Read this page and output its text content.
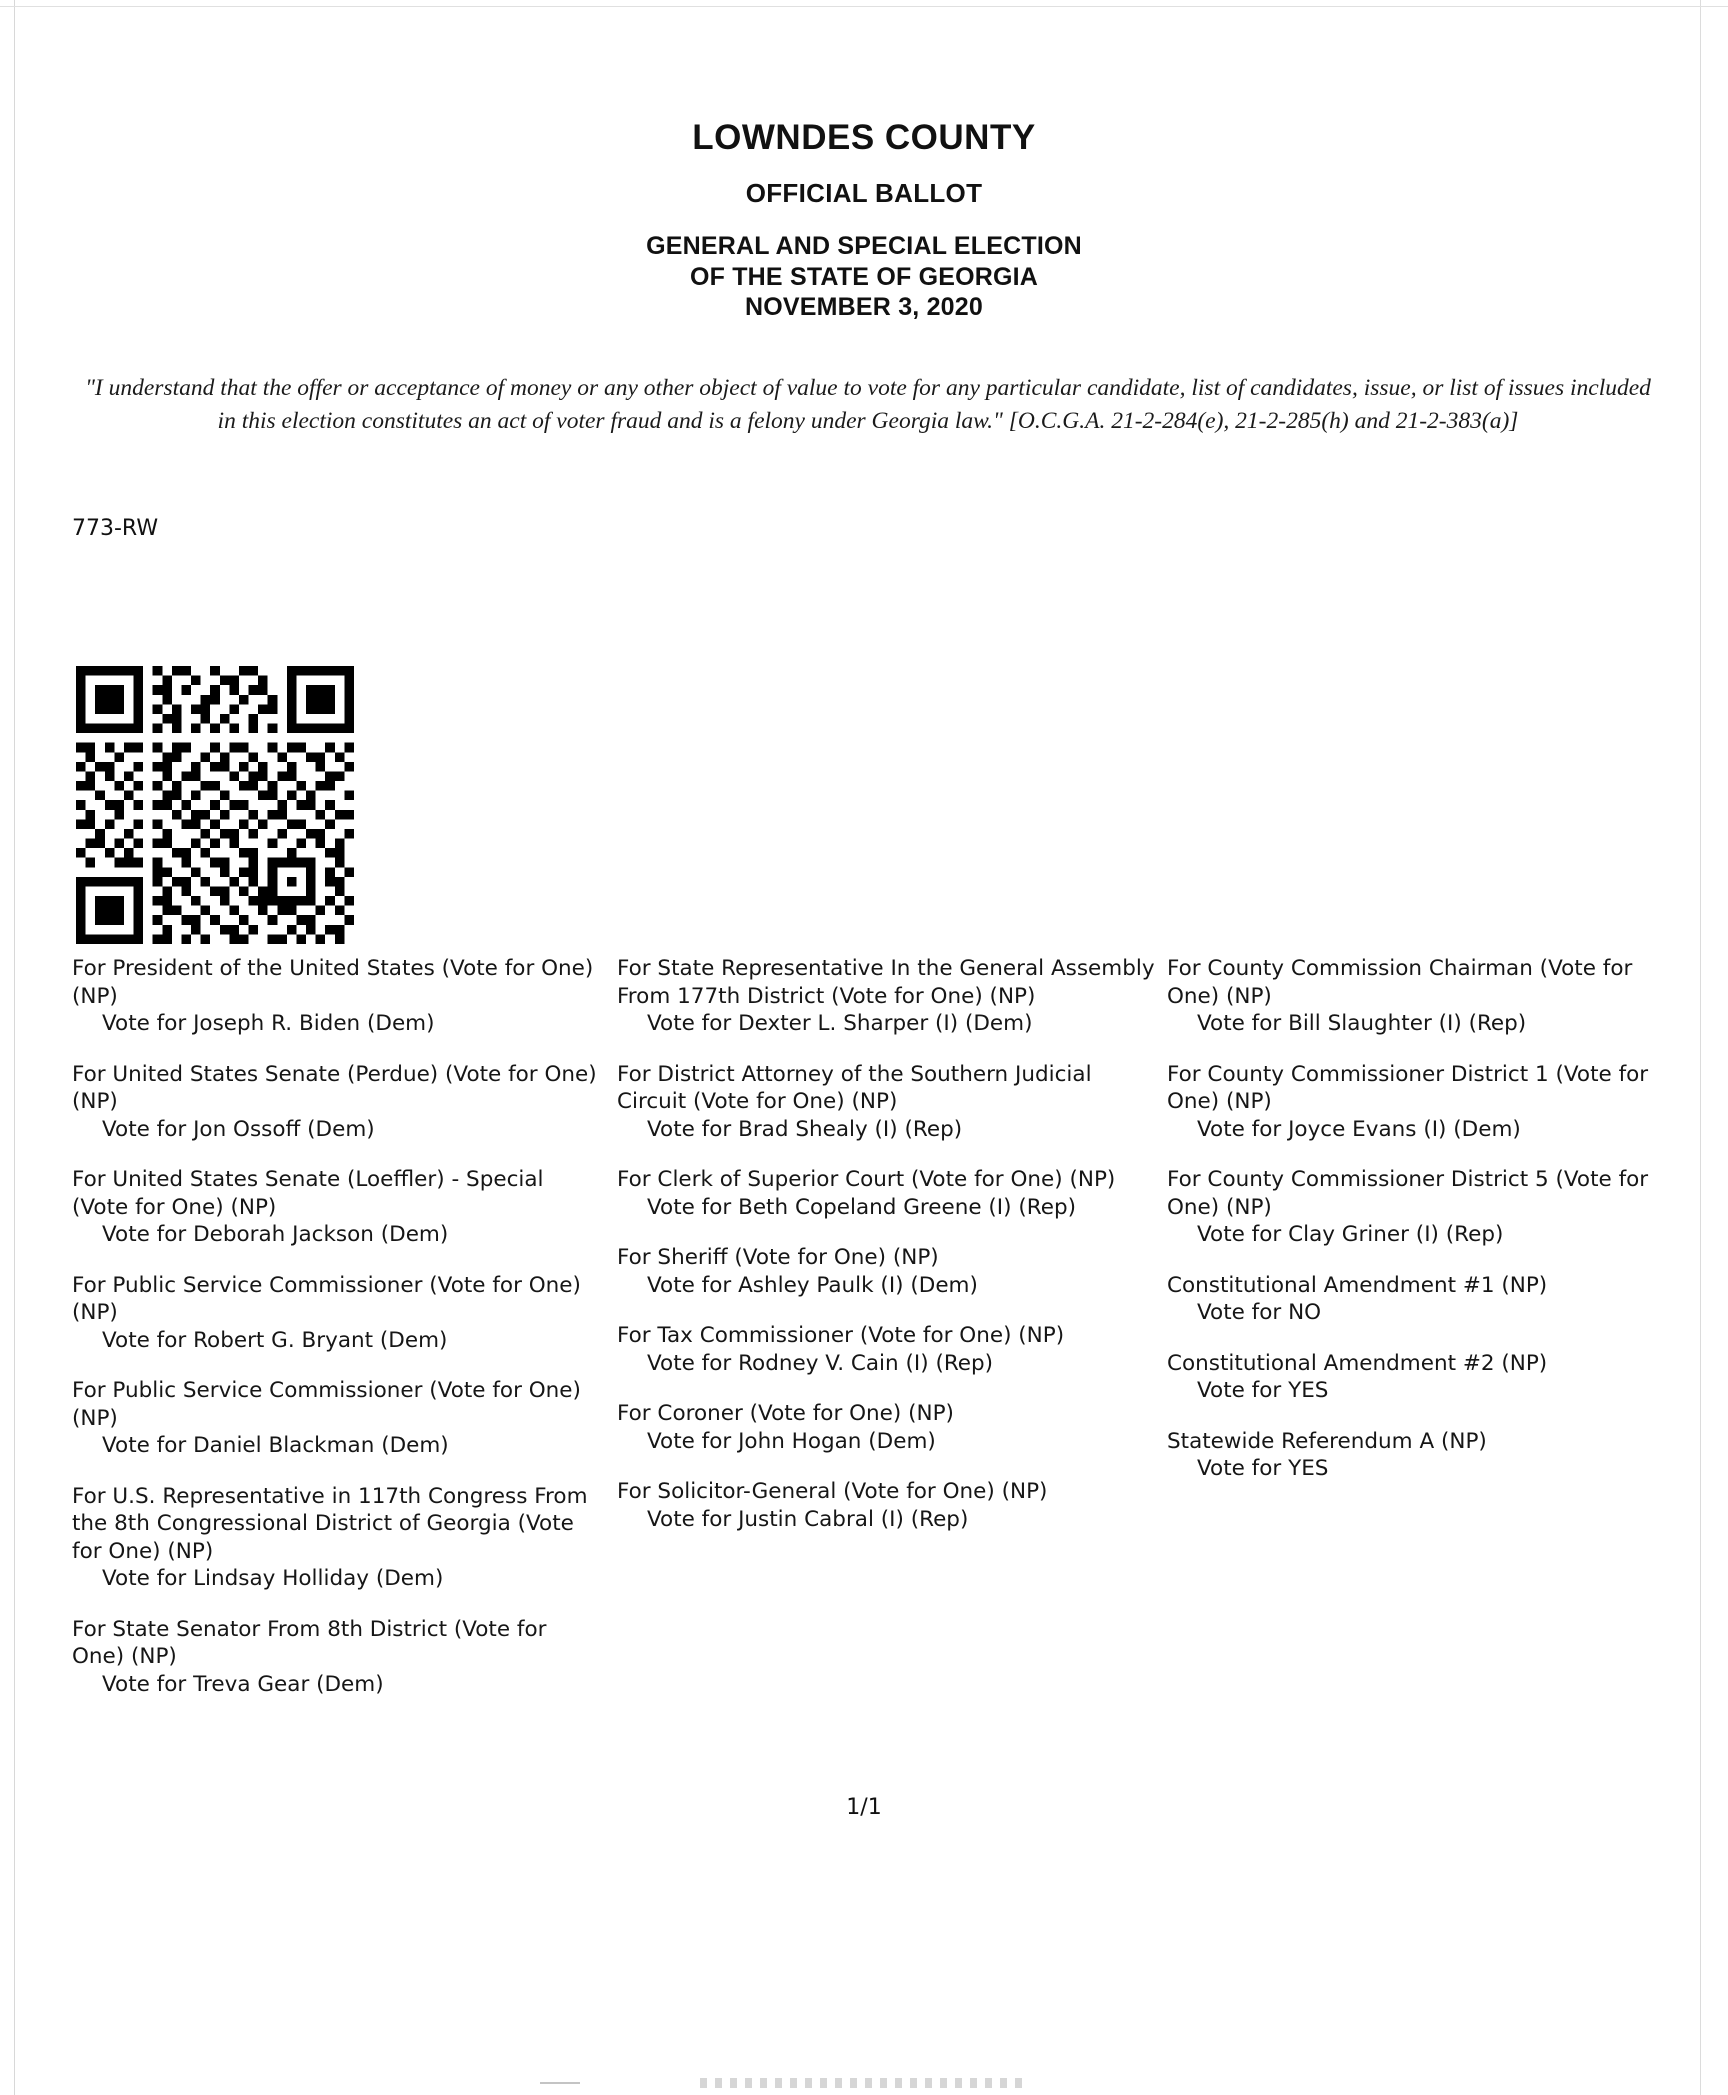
LOWNDES COUNTY
OFFICIAL BALLOT
GENERAL AND SPECIAL ELECTION
OF THE STATE OF GEORGIA
NOVEMBER 3, 2020
"I understand that the offer or acceptance of money or any other object of value to vote for any particular candidate, list of candidates, issue, or list of issues included in this election constitutes an act of voter fraud and is a felony under Georgia law." [O.C.G.A. 21-2-284(e), 21-2-285(h) and 21-2-383(a)]
773-RW
For President of the United States (Vote for One) (NP)
Vote for Joseph R. Biden (Dem)
For United States Senate (Perdue) (Vote for One) (NP)
Vote for Jon Ossoff (Dem)
For United States Senate (Loeffler) - Special (Vote for One) (NP)
Vote for Deborah Jackson (Dem)
For Public Service Commissioner (Vote for One) (NP)
Vote for Robert G. Bryant (Dem)
For Public Service Commissioner (Vote for One) (NP)
Vote for Daniel Blackman (Dem)
For U.S. Representative in 117th Congress From the 8th Congressional District of Georgia (Vote for One) (NP)
Vote for Lindsay Holliday (Dem)
For State Senator From 8th District (Vote for One) (NP)
Vote for Treva Gear (Dem)
For State Representative In the General Assembly From 177th District (Vote for One) (NP)
Vote for Dexter L. Sharper (I) (Dem)
For District Attorney of the Southern Judicial Circuit (Vote for One) (NP)
Vote for Brad Shealy (I) (Rep)
For Clerk of Superior Court (Vote for One) (NP)
Vote for Beth Copeland Greene (I) (Rep)
For Sheriff (Vote for One) (NP)
Vote for Ashley Paulk (I) (Dem)
For Tax Commissioner (Vote for One) (NP)
Vote for Rodney V. Cain (I) (Rep)
For Coroner (Vote for One) (NP)
Vote for John Hogan (Dem)
For Solicitor-General (Vote for One) (NP)
Vote for Justin Cabral (I) (Rep)
For County Commission Chairman (Vote for One) (NP)
Vote for Bill Slaughter (I) (Rep)
For County Commissioner District 1 (Vote for One) (NP)
Vote for Joyce Evans (I) (Dem)
For County Commissioner District 5 (Vote for One) (NP)
Vote for Clay Griner (I) (Rep)
Constitutional Amendment #1 (NP)
Vote for NO
Constitutional Amendment #2 (NP)
Vote for YES
Statewide Referendum A (NP)
Vote for YES
1/1
